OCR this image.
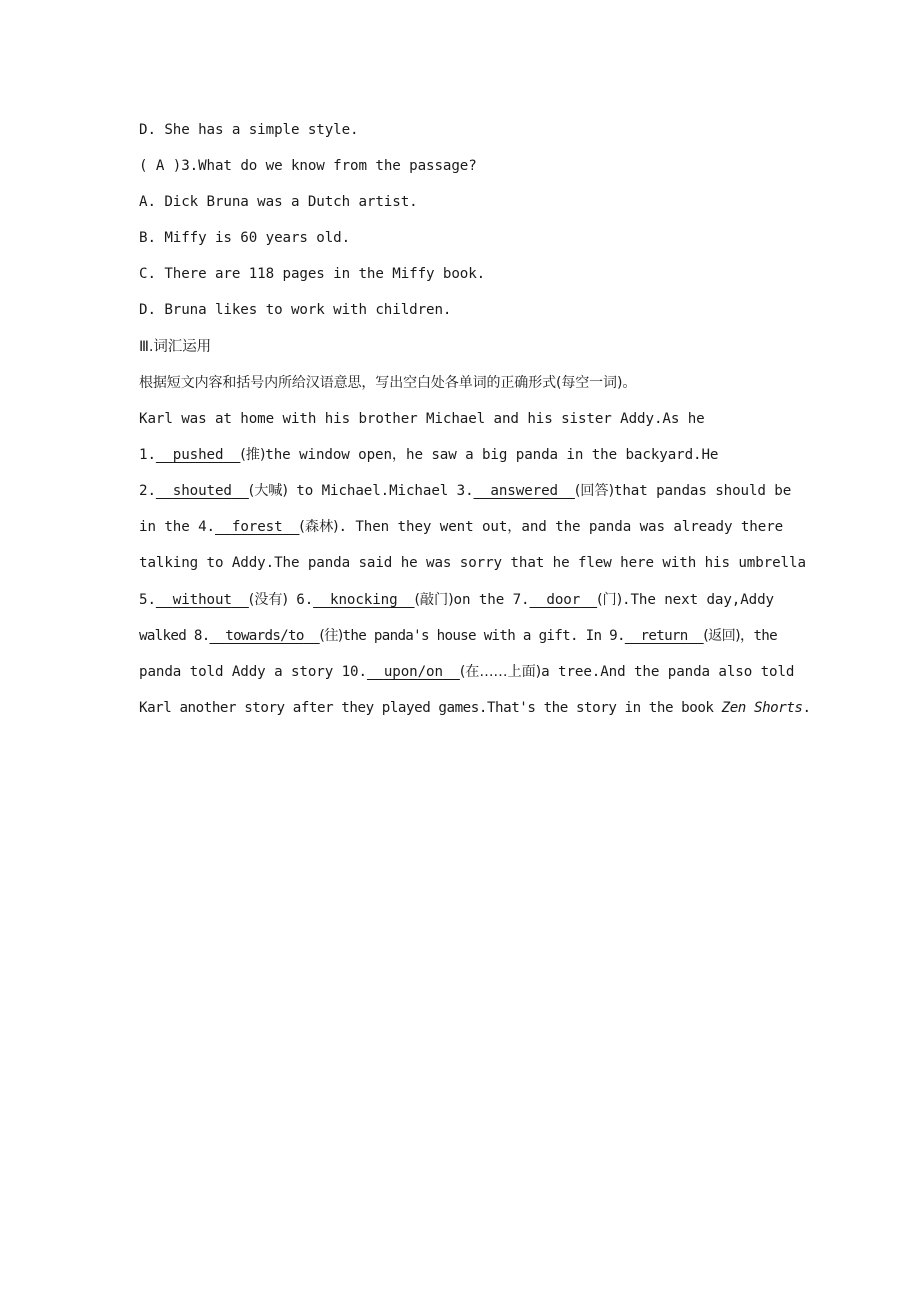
D. She has a simple style.
( A )3.What do we know from the passage?
A. Dick Bruna was a Dutch artist.
B. Miffy is 60 years old.
C. There are 118 pages in the Miffy book.
D. Bruna likes to work with children.
Ⅲ.词汇运用
根据短文内容和括号内所给汉语意思，写出空白处各单词的正确形式(每空一词)。
Karl was at home with his brother Michael and his sister Addy.As he
1.__pushed__(推)the window open，he saw a big panda in the backyard.He
2.__shouted__(大喊) to Michael.Michael 3.__answered__(回答)that pandas should be
in the 4.__forest__(森林). Then they went out，and the panda was already there
talking to Addy.The panda said he was sorry that he flew here with his umbrella
5.__without__(没有) 6.__knocking__(敲门)on the 7.__door__(门).The next day,Addy
walked 8.__towards/to__(往)the panda's house with a gift. In 9.__return__(返回)，the
panda told Addy a story 10.__upon/on__(在……上面)a tree.And the panda also told
Karl another story after they played games.That's the story in the book Zen Shorts.
